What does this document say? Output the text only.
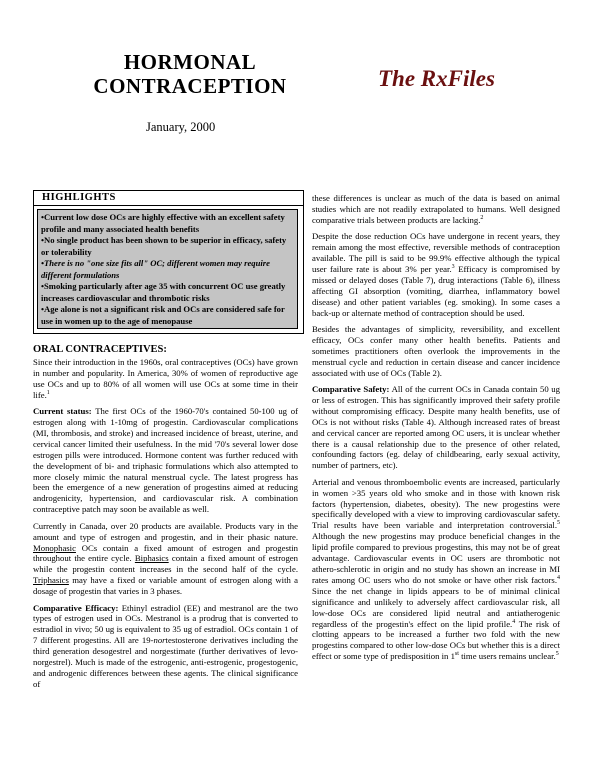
HORMONAL CONTRACEPTION	The RxFiles
January, 2000
HIGHLIGHTS
•Current low dose OCs are highly effective with an excellent safety profile and many associated health benefits
•No single product has been shown to be superior in efficacy, safety or tolerability
•There is no "one size fits all" OC; different women may require different formulations
•Smoking particularly after age 35 with concurrent OC use greatly increases cardiovascular and thrombotic risks
•Age alone is not a significant risk and OCs are considered safe for use in women up to the age of menopause
ORAL CONTRACEPTIVES:

Since their introduction in the 1960s, oral contraceptives (OCs) have grown in number and popularity. In America, 30% of women of reproductive age use OCs and up to 80% of all women will use OCs at some time in their life.$^1$

Current status: The first OCs of the 1960-70's contained 50-100 ug of estrogen along with 1-10mg of progestin. Cardiovascular complications (MI, thrombosis, and stroke) and increased incidence of breast, uterine, and cervical cancer limited their usefulness. In the mid '70's several lower dose estrogen pills were introduced. Hormone content was further reduced with the development of bi- and triphasic formulations which also attempted to more closely mimic the natural menstrual cycle. The latest progress has been the emergence of a new generation of progestins aimed at reducing androgenicity, hypertension, and cardiovascular risk. A combination contraceptive patch may soon be available as well.

Currently in Canada, over 20 products are available. Products vary in the amount and type of estrogen and progestin, and in their phasic nature. Monophasic OCs contain a fixed amount of estrogen and progestin throughout the entire cycle. Biphasics contain a fixed amount of estrogen while the progestin content increases in the second half of the cycle. Triphasics may have a fixed or variable amount of estrogen along with a dosage of progestin that varies in 3 phases.

Comparative Efficacy: Ethinyl estradiol (EE) and mestranol are the two types of estrogen used in OCs. Mestranol is a prodrug that is converted to estradiol in vivo; 50 ug is equivalent to 35 ug of estradiol. OCs contain 1 of 7 different progestins. All are 19-nortestosterone derivatives including the third generation desogestrel and norgestimate (further derivatives of levo-norgestrel). Much is made of the estrogenic, anti-estrogenic, progestogenic, and androgenic differences between these agents. The clinical significance of

these differences is unclear as much of the data is based on animal studies which are not readily extrapolated to humans. Well designed comparative trials between products are lacking.$^2$

Despite the dose reduction OCs have undergone in recent years, they remain among the most effective, reversible methods of contraception available. The pill is said to be 99.9% effective although the typical user failure rate is about 3% per year.$^3$ Efficacy is compromised by missed or delayed doses (Table 7), drug interactions (Table 6), illness affecting GI absorption (vomiting, diarrhea, inflammatory bowel disease) and other patient variables (eg. smoking). In some cases a back-up or alternate method of contraception should be used.

Besides the advantages of simplicity, reversibility, and excellent efficacy, OCs confer many other health benefits. Patients and sometimes practitioners often overlook the improvements in the menstrual cycle and reduction in certain disease and cancer incidence associated with use of OCs (Table 2).

Comparative Safety: All of the current OCs in Canada contain 50 ug or less of estrogen. This has significantly improved their safety profile without compromising efficacy. Despite many health benefits, use of OCs is not without risks (Table 4). Although increased rates of breast and cervical cancer are reported among OC users, it is unclear whether there is a causal relationship due to the presence of other related, confounding factors (eg. delay of childbearing, early sexual activity, number of partners, etc).

Arterial and venous thromboembolic events are increased, particularly in women >35 years old who smoke and in those with known risk factors (hypertension, diabetes, obesity). The new progestins were specifically developed with a view to improving cardiovascular safety. Trial results have been variable and interpretation controversial.$^5$ Although the new progestins may produce beneficial changes in the lipid profile compared to previous progestins, this may not be of great advantage. Cardiovascular events in OC users are thrombotic not athero-schlerotic in origin and no study has shown an increase in MI rates among OC users who do not smoke or have other risk factors.$^4$ Since the net change in lipids appears to be of minimal clinical significance and unlikely to adversely affect cardiovascular risk, all low-dose OCs are considered lipid neutral and antiatherogenic regardless of the progestin's effect on the lipid profile.$^4$ The risk of clotting appears to be increased a further two fold with the new progestins compared to other low-dose OCs but whether this is a direct effect or some type of predisposition in 1st time users remains unclear.$^5$
